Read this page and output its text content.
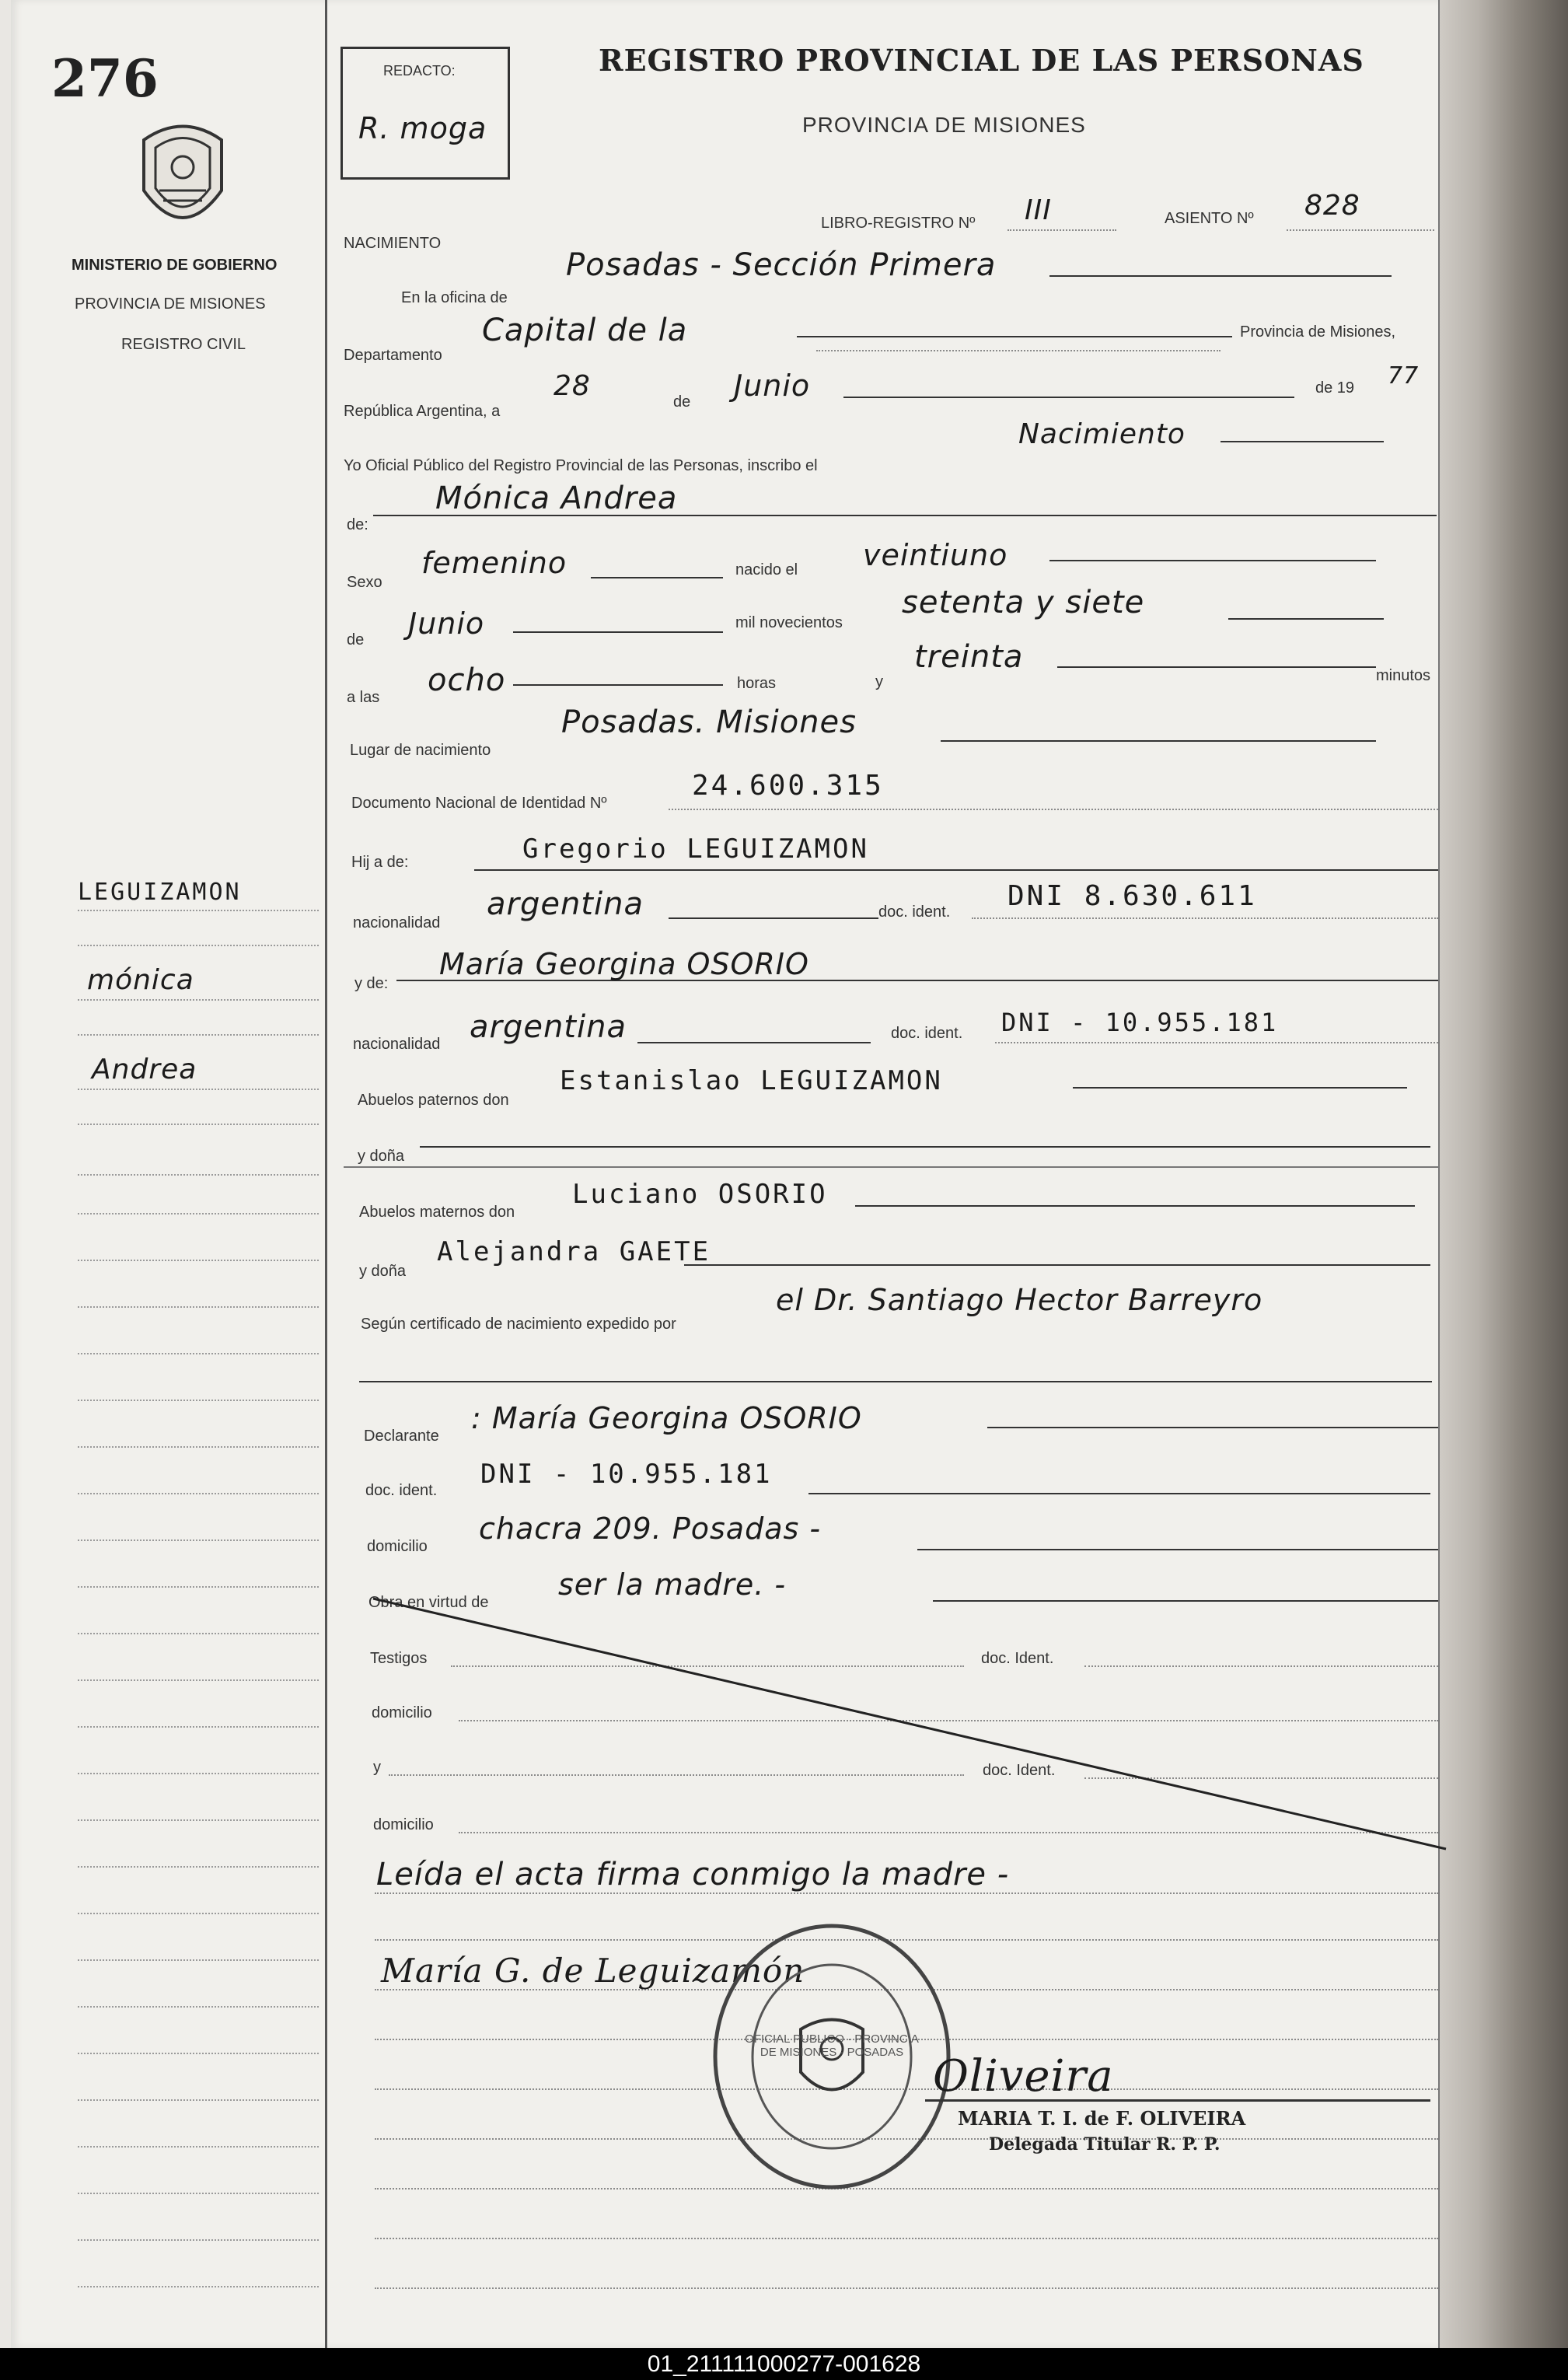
276
MINISTERIO DE GOBIERNO
PROVINCIA DE MISIONES
REGISTRO CIVIL
LEGUIZAMON
mónica
Andrea
REDACTO:
R. moga
REGISTRO PROVINCIAL DE LAS PERSONAS
PROVINCIA DE MISIONES
NACIMIENTO
LIBRO-REGISTRO Nº III	ASIENTO Nº 828
En la oficina de
Posadas - Sección Primera
Departamento
Capital de la	Provincia de Misiones,
República Argentina, a
28	de Junio	de 19 77
Yo Oficial Público del Registro Provincial de las Personas, inscribo el
Nacimiento
de:
Mónica Andrea
Sexo
femenino	nacido el veintiuno
de Junio	mil novecientos
setenta y siete
a las ocho	horas	y
treinta
minutos
Lugar de nacimiento
Posadas. Misiones
Documento Nacional de Identidad Nº
24.600.315
Hij a de:	Gregorio LEGUIZAMON
nacionalidad
argentina	doc. ident. DNI 8.630.611
y de:
María Georgina OSORIO
nacionalidad argentina	doc. ident. DNI - 10.955.181
Abuelos paternos don
Estanislao LEGUIZAMON
y doña
Abuelos maternos don
Luciano OSORIO
y doña
Alejandra GAETE
Según certificado de nacimiento expedido por
el Dr. Santiago Hector Barreyro
Declarante
: María Georgina OSORIO
doc. ident.
DNI - 10.955.181
domicilio
chacra 209. Posadas -
Obra en virtud de
ser la madre. -
Testigos	doc. Ident.
domicilio
y	doc. Ident.
domicilio
Leída el acta firma conmigo la madre -
María G. de Leguizamón
OFICIAL PUBLICO · PROVINCIA DE MISIONES · POSADAS Oliveira
MARIA T. I. de F. OLIVEIRA
Delegada Titular R. P. P.
01_211111000277-001628
